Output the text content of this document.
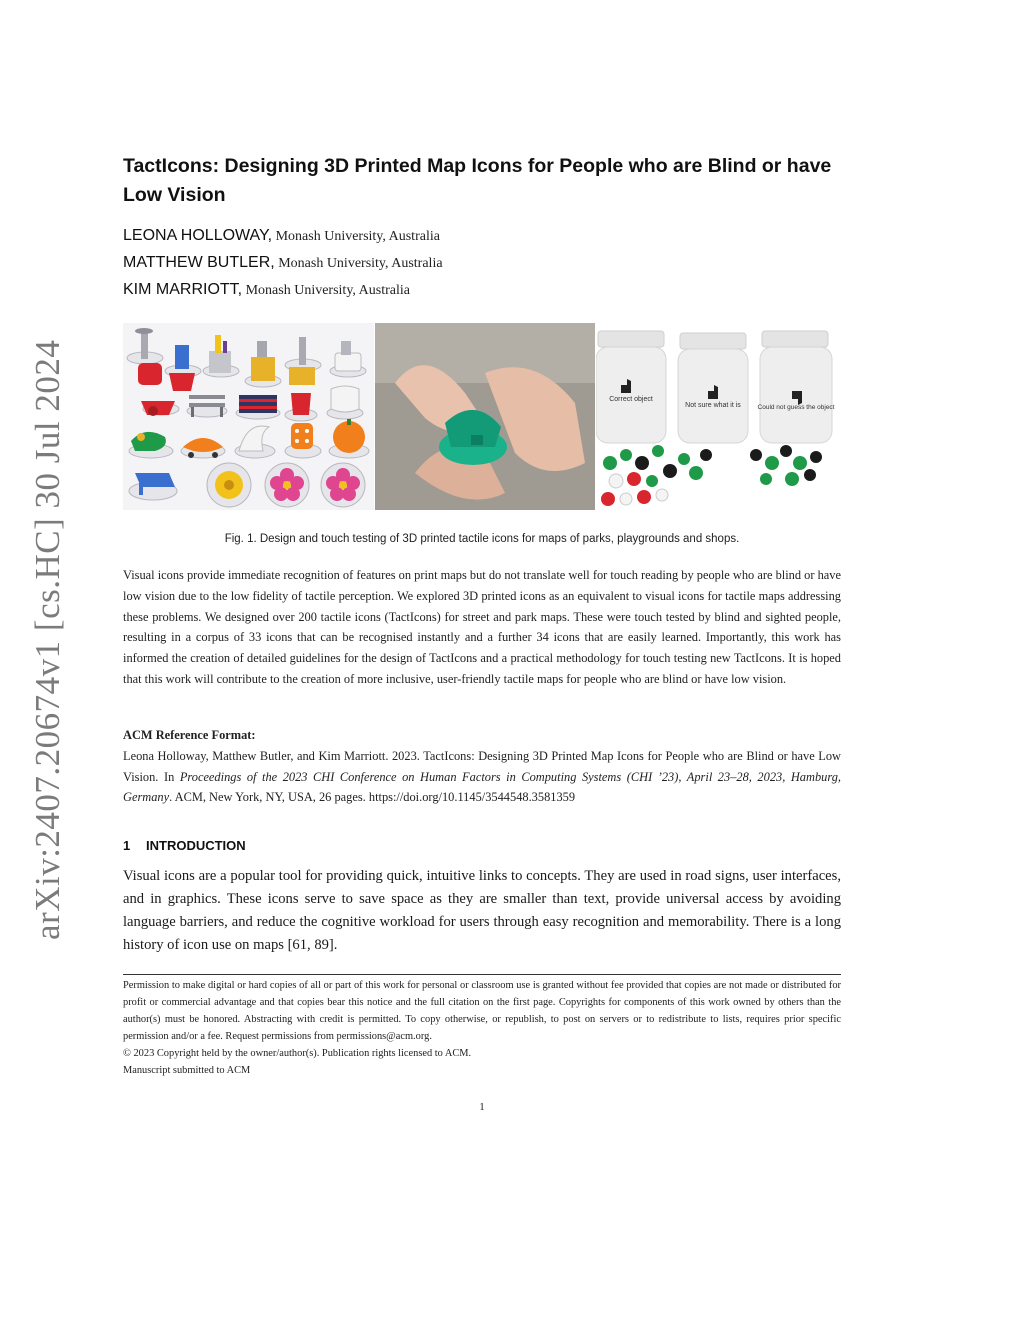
arXiv:2407.20674v1 [cs.HC] 30 Jul 2024
TactIcons: Designing 3D Printed Map Icons for People who are Blind or have Low Vision
LEONA HOLLOWAY, Monash University, Australia
MATTHEW BUTLER, Monash University, Australia
KIM MARRIOTT, Monash University, Australia
Correct object
Not sure what it is	Could not guess the object
Fig. 1. Design and touch testing of 3D printed tactile icons for maps of parks, playgrounds and shops.

Visual icons provide immediate recognition of features on print maps but do not translate well for touch reading by people who are blind or have low vision due to the low fidelity of tactile perception. We explored 3D printed icons as an equivalent to visual icons for tactile maps addressing these problems. We designed over 200 tactile icons (TactIcons) for street and park maps. These were touch tested by blind and sighted people, resulting in a corpus of 33 icons that can be recognised instantly and a further 34 icons that are easily learned. Importantly, this work has informed the creation of detailed guidelines for the design of TactIcons and a practical methodology for touch testing new TactIcons. It is hoped that this work will contribute to the creation of more inclusive, user-friendly tactile maps for people who are blind or have low vision.

ACM Reference Format:

Leona Holloway, Matthew Butler, and Kim Marriott. 2023. TactIcons: Designing 3D Printed Map Icons for People who are Blind or have Low Vision. In Proceedings of the 2023 CHI Conference on Human Factors in Computing Systems (CHI ’23), April 23–28, 2023, Hamburg, Germany. ACM, New York, NY, USA, 26 pages. https://doi.org/10.1145/3544548.3581359

1 INTRODUCTION

Visual icons are a popular tool for providing quick, intuitive links to concepts. They are used in road signs, user interfaces, and in graphics. These icons serve to save space as they are smaller than text, provide universal access by avoiding language barriers, and reduce the cognitive workload for users through easy recognition and memorability. There is a long history of icon use on maps [61, 89].

Permission to make digital or hard copies of all or part of this work for personal or classroom use is granted without fee provided that copies are not made or distributed for profit or commercial advantage and that copies bear this notice and the full citation on the first page. Copyrights for components of this work owned by others than the author(s) must be honored. Abstracting with credit is permitted. To copy otherwise, or republish, to post on servers or to redistribute to lists, requires prior specific permission and/or a fee. Request permissions from permissions@acm.org.

© 2023 Copyright held by the owner/author(s). Publication rights licensed to ACM.

Manuscript submitted to ACM

1
